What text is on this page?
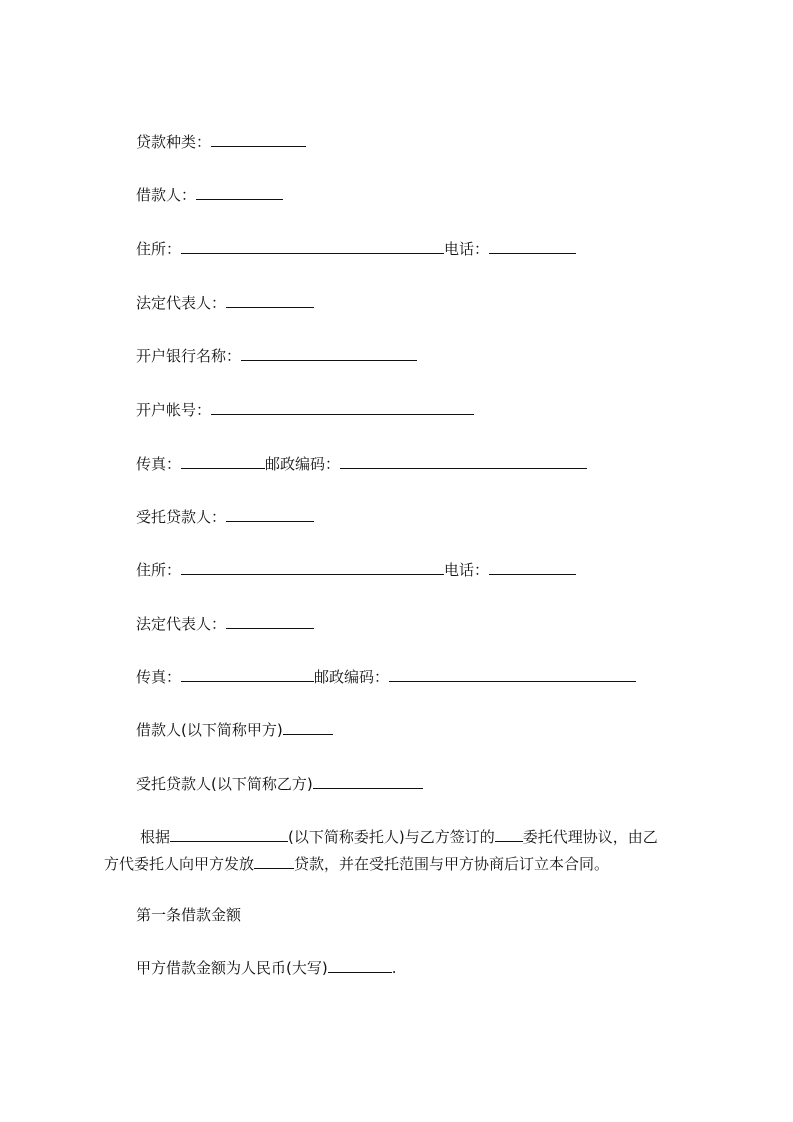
贷款种类：
借款人：
住所：	电话：
法定代表人：
开户银行名称：
开户帐号：
传真：	邮政编码：
受托贷款人：
住所：	电话：
法定代表人：
传真：	邮政编码：
借款人(以下简称甲方)
受托贷款人(以下简称乙方)
根据	(以下简称委托人)与乙方签订的 委托代理协议，由乙
方代委托人向甲方发放	贷款，并在受托范围与甲方协商后订立本合同。
第一条借款金额
甲方借款金额为人民币(大写)	.
